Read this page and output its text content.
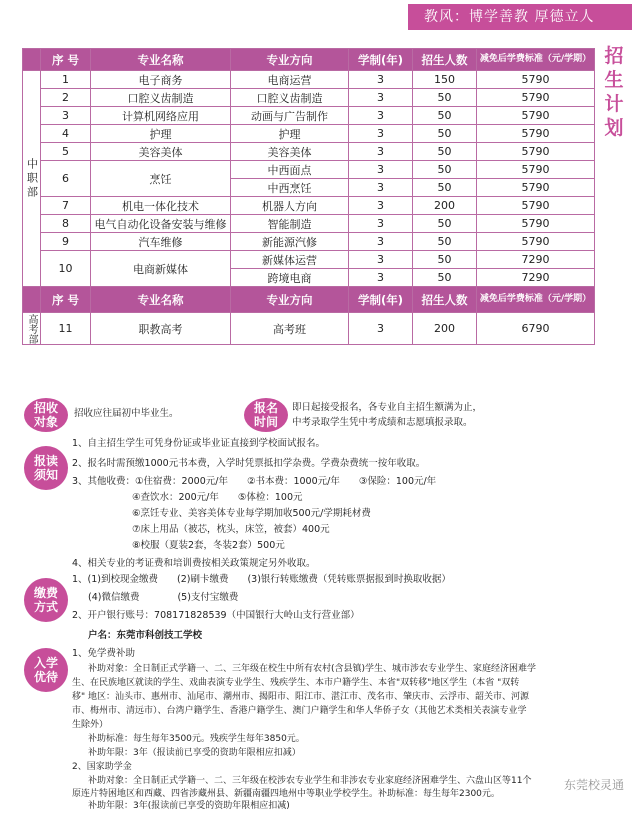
教风：博学善教 厚德立人
招
生
计
划
	序 号	专业名称	专业方向	学制(年)	招生人数	减免后学费标准（元/学期）
中职部	1	电子商务	电商运营	3	150	5790
	2	口腔义齿制造	口腔义齿制造	3	50	5790
	3	计算机网络应用	动画与广告制作	3	50	5790
	4	护理	护理	3	50	5790
	5	美容美体	美容美体	3	50	5790
	6	烹饪	中西面点	3	50	5790
			中西烹饪	3	50	5790
	7	机电一体化技术	机器人方向	3	200	5790
	8	电气自动化设备安装与维修	智能制造	3	50	5790
	9	汽车维修	新能源汽修	3	50	5790
	10	电商新媒体	新媒体运营	3	50	7290
			跨境电商	3	50	7290
	序 号	专业名称	专业方向	学制(年)	招生人数	减免后学费标准（元/学期）
高考部	11	职教高考	高考班	3	200	6790
招收
对象
招收应往届初中毕业生。	报名
时间
即日起接受报名，各专业自主招生额满为止，
中考录取学生凭中考成绩和志愿填报录取。
报读
须知
1、自主招生学生可凭身份证或毕业证直接到学校面试报名。
2、报名时需预缴1000元书本费，入学时凭票抵扣学杂费。学费杂费统一按年收取。
3、其他收费：①住宿费：2000元/年　　②书本费：1000元/年　　③保险：100元/年
④查饮水：200元/年　　⑤体检：100元
⑥烹饪专业、美容美体专业每学期加收500元/学期耗材费
⑦床上用品（被芯，枕头，床笠，被套）400元
⑧校服（夏装2套，冬装2套）500元
4、相关专业的考证费和培训费按相关政策规定另外收取。
缴费
方式
1、(1)到校现金缴费　　(2)刷卡缴费　　(3)银行转账缴费（凭转账票据报到时换取收据）
(4)微信缴费　　　　(5)支付宝缴费
2、开户银行账号：708171828539（中国银行大岭山支行营业部）
户名：东莞市科创技工学校
入学
优待
1、免学费补助
补助对象：全日制正式学籍一、二、三年级在校生中所有农村(含县镇)学生、城市涉农专业学生、家庭经济困难学
生、在民族地区就读的学生、戏曲表演专业学生、残疾学生、本市户籍学生、本省"双转移"地区学生（本省 "双转
移" 地区：汕头市、惠州市、汕尾市、潮州市、揭阳市、阳江市、湛江市、茂名市、肇庆市、云浮市、韶关市、河源
市、梅州市、清远市）、台湾户籍学生、香港户籍学生、澳门户籍学生和华人华侨子女（其他艺术类相关表演专业学
生除外）
补助标准：每生每年3500元。残疾学生每年3850元。
补助年限：3年（报读前已享受的资助年限相应扣减）
2、国家助学金
补助对象：全日制正式学籍一、二、三年级在校涉农专业学生和非涉农专业家庭经济困难学生、六盘山区等11个
原连片特困地区和西藏、四省涉藏州县、新疆南疆四地州中等职业学校学生。补助标准：每生每年2300元。
补助年限：3年(报读前已享受的资助年限相应扣减)
东莞校灵通
